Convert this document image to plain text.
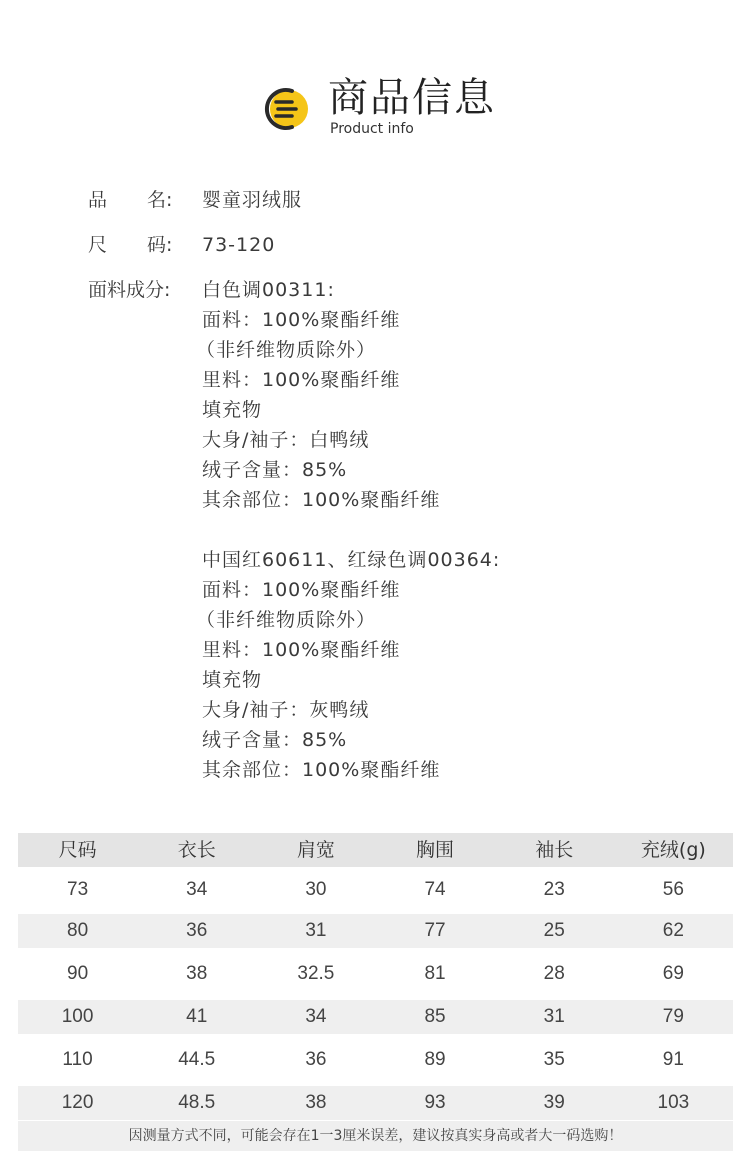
商品信息
Product info
品 名: 婴童羽绒服
尺 码: 73-120
面料成分: 白色调00311:
面料：100%聚酯纤维
（非纤维物质除外）
里料：100%聚酯纤维
填充物
大身/袖子：白鸭绒
绒子含量：85%
其余部位：100%聚酯纤维
中国红60611、红绿色调00364:
面料：100%聚酯纤维
（非纤维物质除外）
里料：100%聚酯纤维
填充物
大身/袖子：灰鸭绒
绒子含量：85%
其余部位：100%聚酯纤维
尺码	衣长	肩宽	胸围	袖长	充绒(g)
73	34	30	74	23	56
80	36	31	77	25	62
90	38	32.5	81	28	69
100	41	34	85	31	79
110	44.5	36	89	35	91
120	48.5	38	93	39	103
因测量方式不同，可能会存在1一3厘米误差，建议按真实身高或者大一码选购！
